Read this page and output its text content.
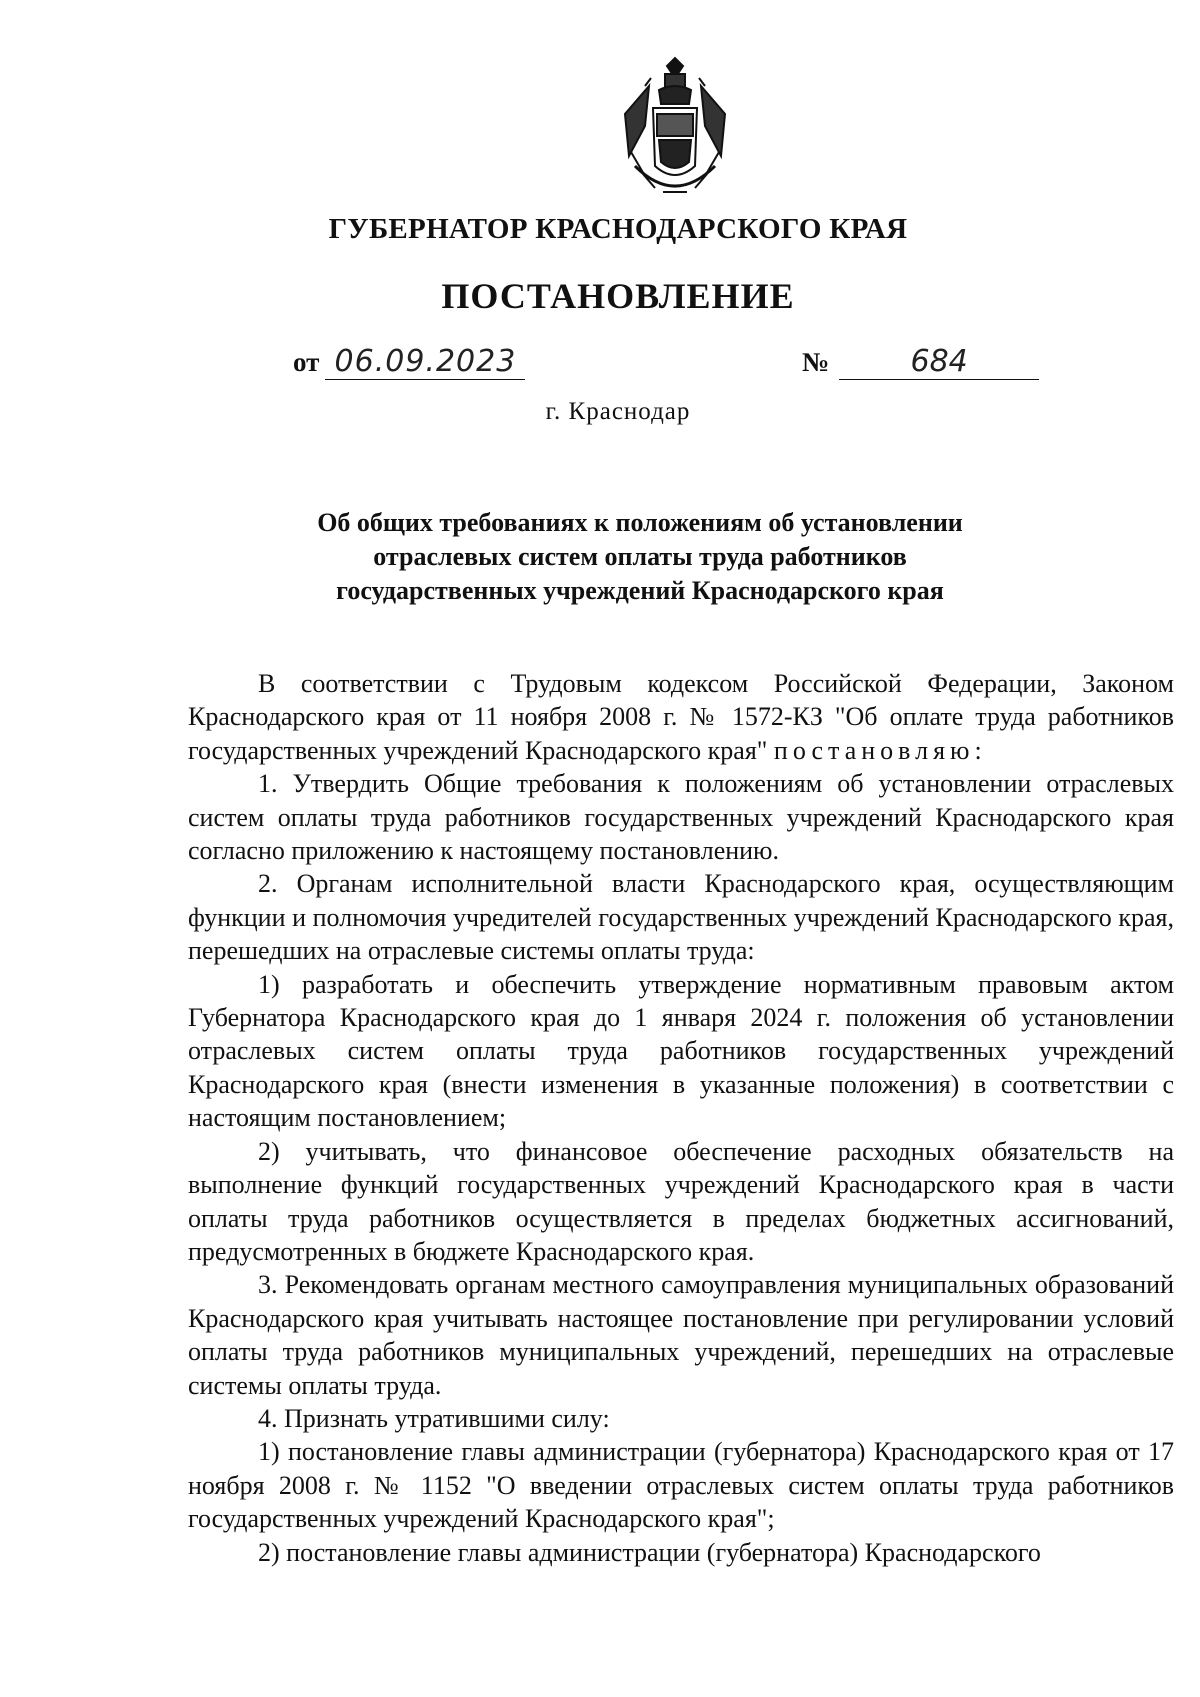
ГУБЕРНАТОР КРАСНОДАРСКОГО КРАЯ
ПОСТАНОВЛЕНИЕ
от 06.09.2023	№	684
г. Краснодар
Об общих требованиях к положениям об установлении
отраслевых систем оплаты труда работников
государственных учреждений Краснодарского края

В соответствии с Трудовым кодексом Российской Федерации, Законом Краснодарского края от 11 ноября 2008 г. № 1572-КЗ "Об оплате труда работников государственных учреждений Краснодарского края" постановляю:

1. Утвердить Общие требования к положениям об установлении отраслевых систем оплаты труда работников государственных учреждений Краснодарского края согласно приложению к настоящему постановлению.

2. Органам исполнительной власти Краснодарского края, осуществляющим функции и полномочия учредителей государственных учреждений Краснодарского края, перешедших на отраслевые системы оплаты труда:

1) разработать и обеспечить утверждение нормативным правовым актом Губернатора Краснодарского края до 1 января 2024 г. положения об установлении отраслевых систем оплаты труда работников государственных учреждений Краснодарского края (внести изменения в указанные положения) в соответствии с настоящим постановлением;

2) учитывать, что финансовое обеспечение расходных обязательств на выполнение функций государственных учреждений Краснодарского края в части оплаты труда работников осуществляется в пределах бюджетных ассигнований, предусмотренных в бюджете Краснодарского края.

3. Рекомендовать органам местного самоуправления муниципальных образований Краснодарского края учитывать настоящее постановление при регулировании условий оплаты труда работников муниципальных учреждений, перешедших на отраслевые системы оплаты труда.

4. Признать утратившими силу:

1) постановление главы администрации (губернатора) Краснодарского края от 17 ноября 2008 г. № 1152 "О введении отраслевых систем оплаты труда работников государственных учреждений Краснодарского края";

2) постановление главы администрации (губернатора) Краснодарского
